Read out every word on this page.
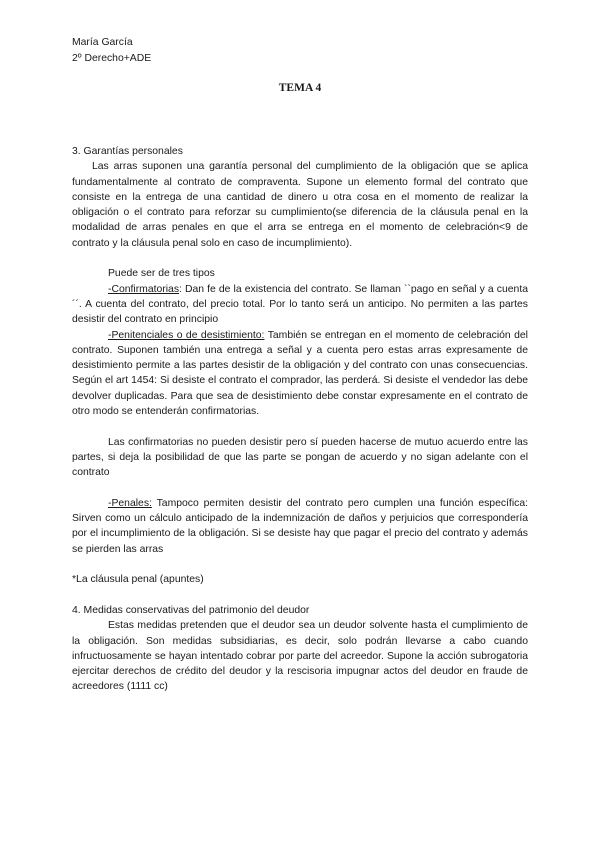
María García
2º Derecho+ADE
TEMA 4

3. Garantías personales

Las arras suponen una garantía personal del cumplimiento de la obligación que se aplica fundamentalmente al contrato de compraventa. Supone un elemento formal del contrato que consiste en la entrega de una cantidad de dinero u otra cosa en el momento de realizar la obligación o el contrato para reforzar su cumplimiento(se diferencia de la cláusula penal en la modalidad de arras penales en que el arra se entrega en el momento de celebración<9 de contrato y la cláusula penal solo en caso de incumplimiento).

Puede ser de tres tipos

-Confirmatorias: Dan fe de la existencia del contrato. Se llaman ``pago en señal y a cuenta´´. A cuenta del contrato, del precio total. Por lo tanto será un anticipo. No permiten a las partes desistir del contrato en principio

-Penitenciales o de desistimiento: También se entregan en el momento de celebración del contrato. Suponen también una entrega a señal y a cuenta pero estas arras expresamente de desistimiento permite a las partes desistir de la obligación y del contrato con unas consecuencias. Según el art 1454: Si desiste el contrato el comprador, las perderá. Si desiste el vendedor las debe devolver duplicadas. Para que sea de desistimiento debe constar expresamente en el contrato de otro modo se entenderán confirmatorias.

Las confirmatorias no pueden desistir pero sí pueden hacerse de mutuo acuerdo entre las partes, si deja la posibilidad de que las parte se pongan de acuerdo y no sigan adelante con el contrato

-Penales: Tampoco permiten desistir del contrato pero cumplen una función específica: Sirven como un cálculo anticipado de la indemnización de daños y perjuicios que correspondería por el incumplimiento de la obligación. Si se desiste hay que pagar el precio del contrato y además se pierden las arras

*La cláusula penal (apuntes)

4. Medidas conservativas del patrimonio del deudor

Estas medidas pretenden que el deudor sea un deudor solvente hasta el cumplimiento de la obligación. Son medidas subsidiarias, es decir, solo podrán llevarse a cabo cuando infructuosamente se hayan intentado cobrar por parte del acreedor. Supone la acción subrogatoria ejercitar derechos de crédito del deudor y la rescisoria impugnar actos del deudor en fraude de acreedores (1111 cc)
